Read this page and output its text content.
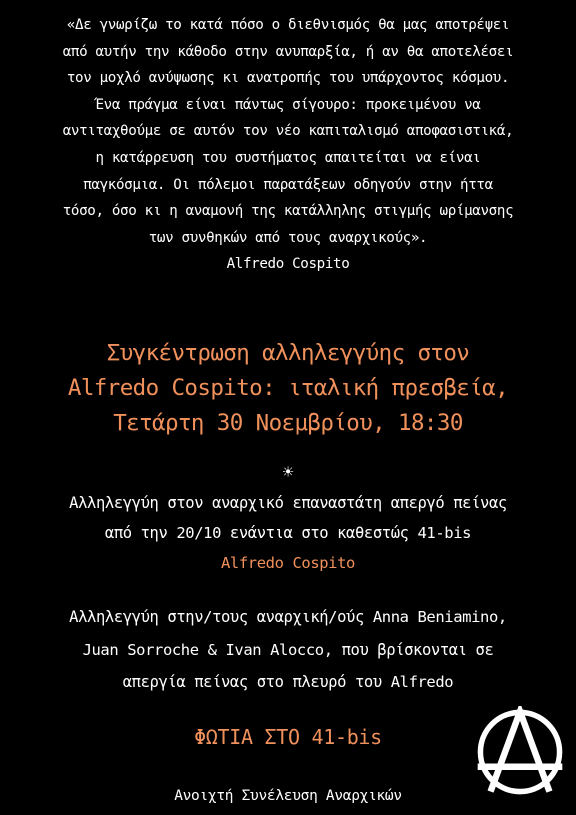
«Δε γνωρίζω το κατά πόσο ο διεθνισμός θα μας αποτρέψει
από αυτήν την κάθοδο στην ανυπαρξία, ή αν θα αποτελέσει
τον μοχλό ανύψωσης κι ανατροπής του υπάρχοντος κόσμου.
Ένα πράγμα είναι πάντως σίγουρο: προκειμένου να
αντιταχθούμε σε αυτόν τον νέο καπιταλισμό αποφασιστικά,
η κατάρρευση του συστήματος απαιτείται να είναι
παγκόσμια. Οι πόλεμοι παρατάξεων οδηγούν στην ήττα
τόσο, όσο κι η αναμονή της κατάλληλης στιγμής ωρίμανσης
των συνθηκών από τους αναρχικούς».
Alfredo Cospito
Συγκέντρωση αλληλεγγύης στον
Alfredo Cospito: ιταλική πρεσβεία,
Τετάρτη 30 Νοεμβρίου, 18:30
☀
Αλληλεγγύη στον αναρχικό επαναστάτη απεργό πείνας
από την 20/10 ενάντια στο καθεστώς 41-bis
Alfredo Cospito
Αλληλεγγύη στην/τους αναρχική/ούς Anna Beniamino,
Juan Sorroche & Ivan Alocco, που βρίσκονται σε
απεργία πείνας στο πλευρό του Alfredo
ΦΩΤΙΑ ΣΤΟ 41-bis
Ανοιχτή Συνέλευση Αναρχικών
